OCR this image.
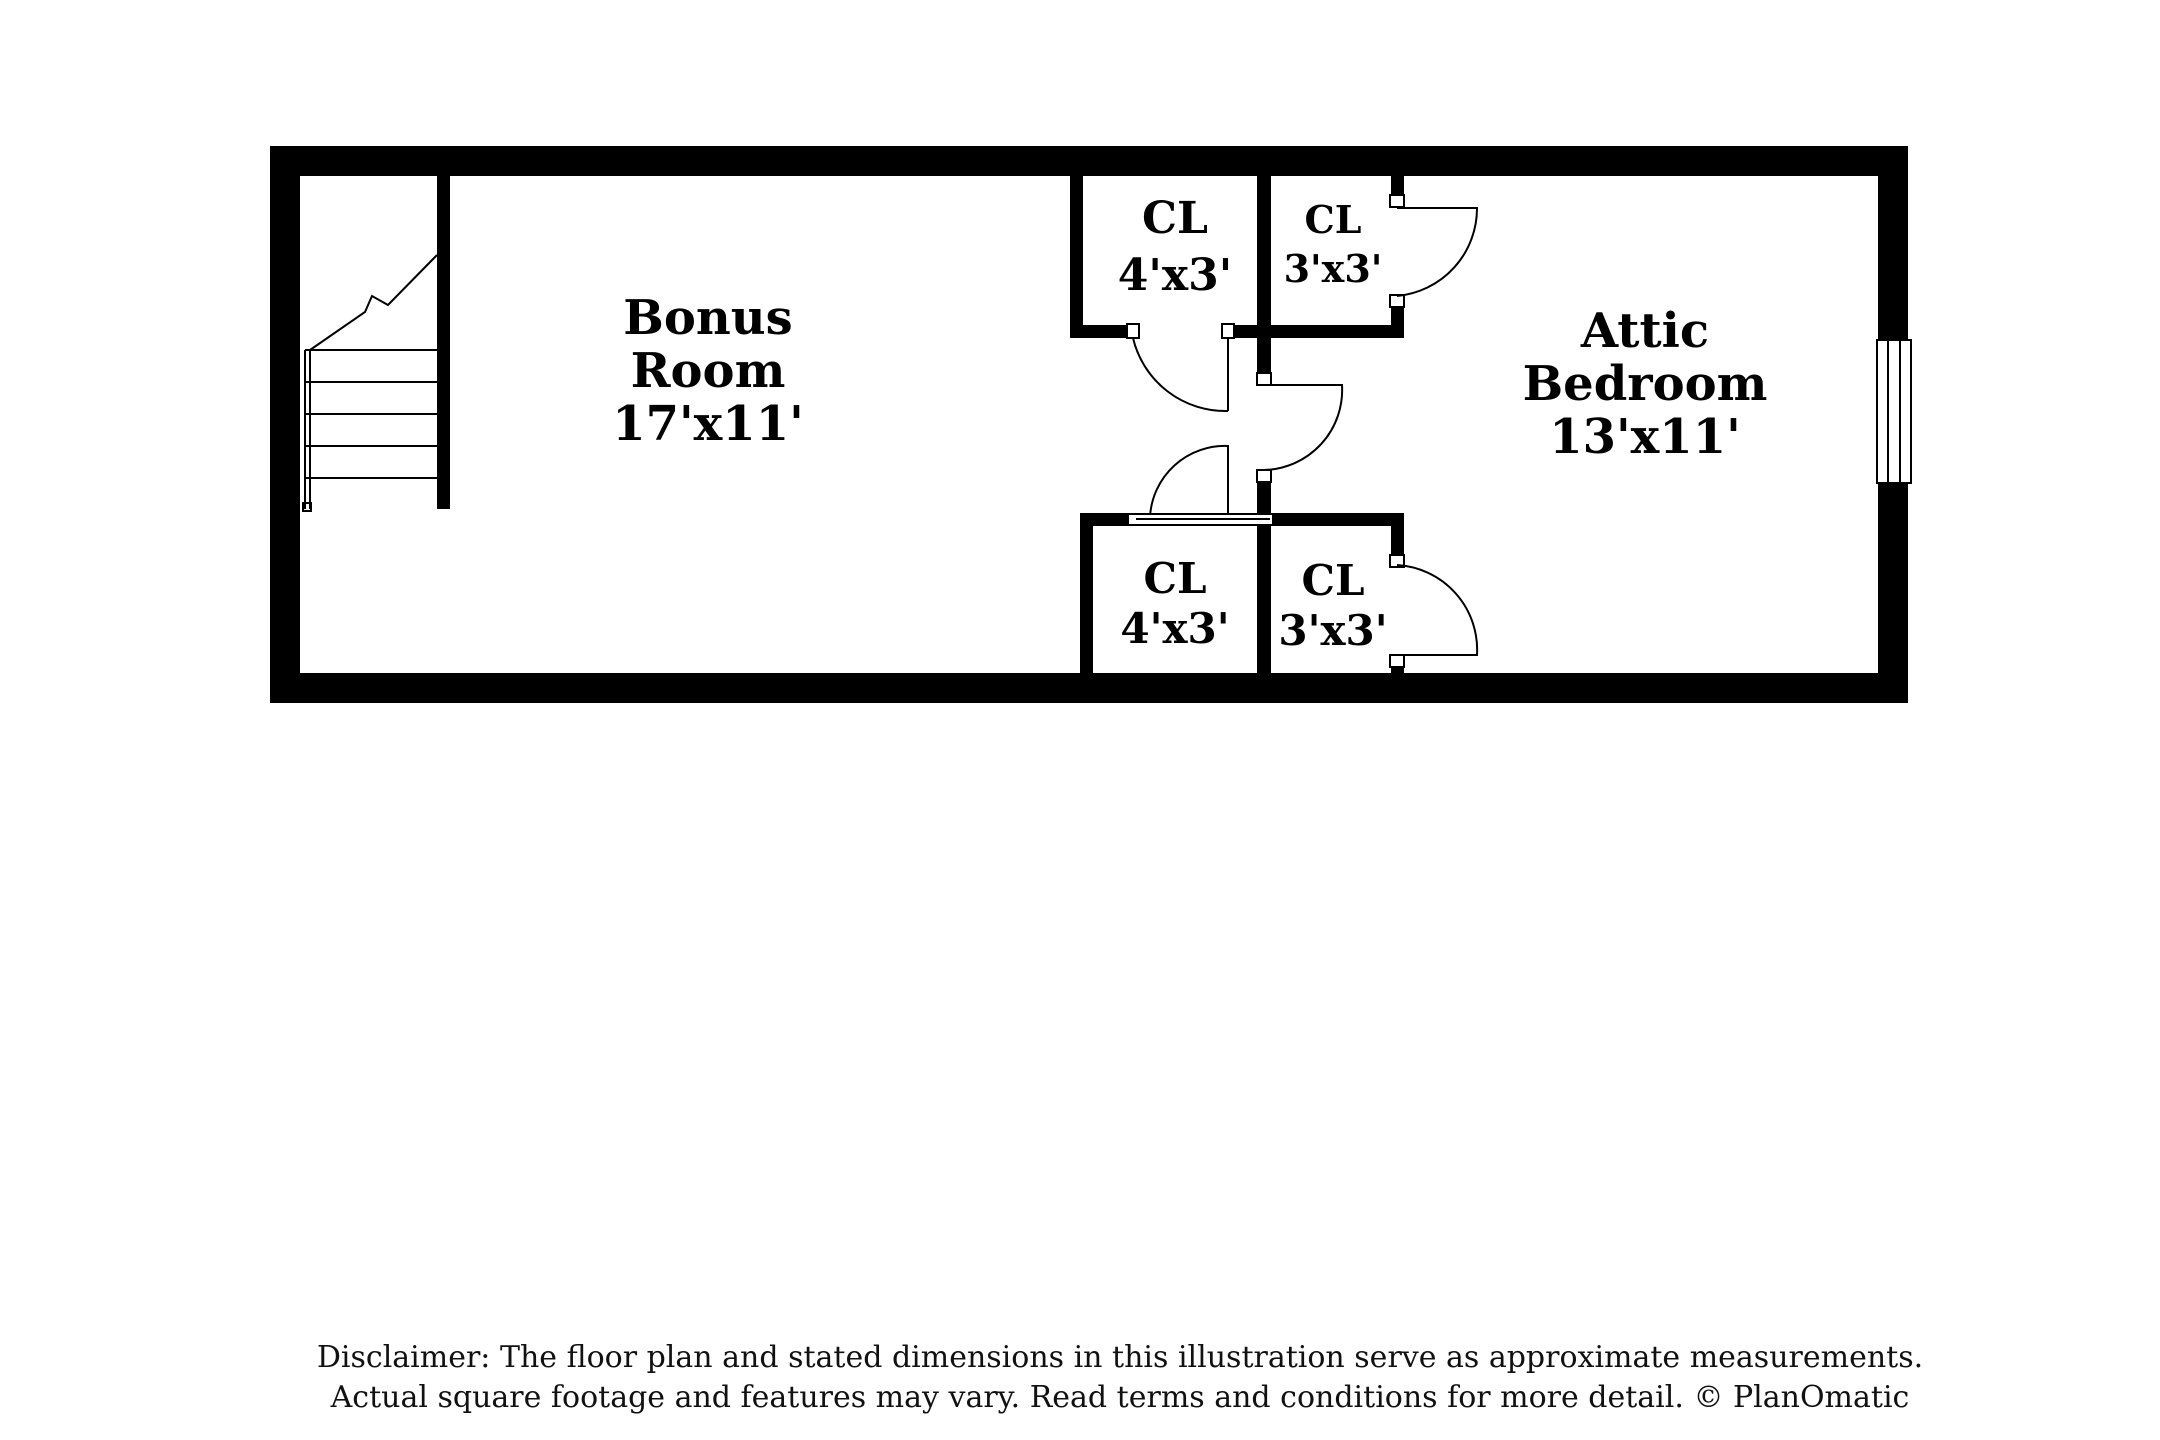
Bonus
Room
17'x11'
Attic
Bedroom
13'x11'
CL
4'x3'
CL
3'x3'
CL
4'x3'
CL
3'x3'
Disclaimer: The floor plan and stated dimensions in this illustration serve as approximate measurements.
Actual square footage and features may vary. Read terms and conditions for more detail. © PlanOmatic
